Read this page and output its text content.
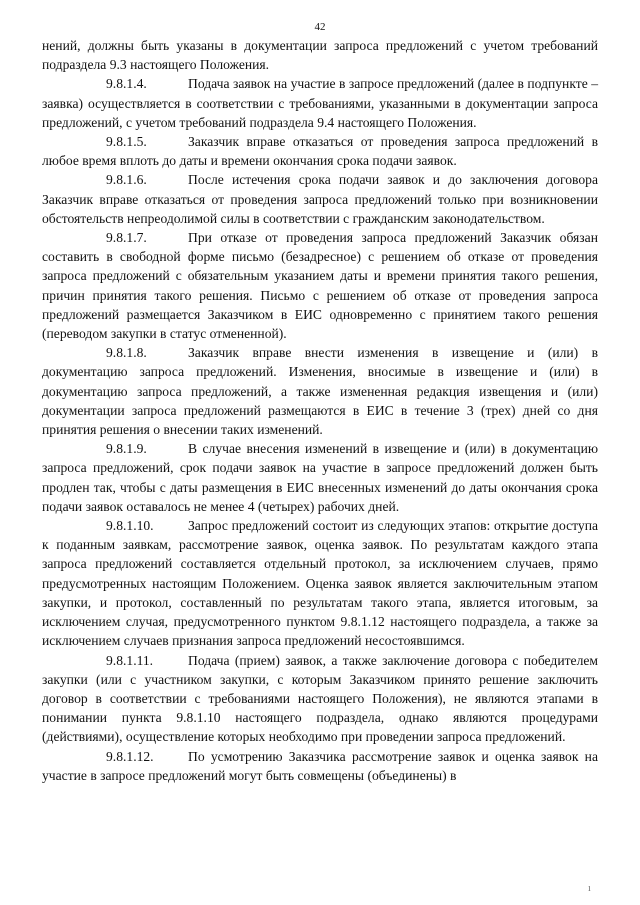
42

нений, должны быть указаны в документации запроса предложений с учетом требований подраздела 9.3 настоящего Положения.

9.8.1.4.	Подача заявок на участие в запросе предложений (далее в подпункте – заявка) осуществляется в соответствии с требованиями, указанными в документации запроса предложений, с учетом требований подраздела 9.4 настоящего Положения.

9.8.1.5.	Заказчик вправе отказаться от проведения запроса предложений в любое время вплоть до даты и времени окончания срока подачи заявок.

9.8.1.6.	После истечения срока подачи заявок и до заключения договора Заказчик вправе отказаться от проведения запроса предложений только при возникновении обстоятельств непреодолимой силы в соответствии с гражданским законодательством.

9.8.1.7.	При отказе от проведения запроса предложений Заказчик обязан составить в свободной форме письмо (безадресное) с решением об отказе от проведения запроса предложений с обязательным указанием даты и времени принятия такого решения, причин принятия такого решения. Письмо с решением об отказе от проведения запроса предложений размещается Заказчиком в ЕИС одновременно с принятием такого решения (переводом закупки в статус отмененной).

9.8.1.8.	Заказчик вправе внести изменения в извещение и (или) в документацию запроса предложений. Изменения, вносимые в извещение и (или) в документацию запроса предложений, а также измененная редакция извещения и (или) документации запроса предложений размещаются в ЕИС в течение 3 (трех) дней со дня принятия решения о внесении таких изменений.

9.8.1.9.	В случае внесения изменений в извещение и (или) в документацию запроса предложений, срок подачи заявок на участие в запросе предложений должен быть продлен так, чтобы с даты размещения в ЕИС внесенных изменений до даты окончания срока подачи заявок оставалось не менее 4 (четырех) рабочих дней.

9.8.1.10.	Запрос предложений состоит из следующих этапов: открытие доступа к поданным заявкам, рассмотрение заявок, оценка заявок. По результатам каждого этапа запроса предложений составляется отдельный протокол, за исключением случаев, прямо предусмотренных настоящим Положением. Оценка заявок является заключительным этапом закупки, и протокол, составленный по результатам такого этапа, является итоговым, за исключением случая, предусмотренного пунктом 9.8.1.12 настоящего подраздела, а также за исключением случаев признания запроса предложений несостоявшимся.

9.8.1.11.	Подача (прием) заявок, а также заключение договора с победителем закупки (или с участником закупки, с которым Заказчиком принято решение заключить договор в соответствии с требованиями настоящего Положения), не являются этапами в понимании пункта 9.8.1.10 настоящего подраздела, однако являются процедурами (действиями), осуществление которых необходимо при проведении запроса предложений.

9.8.1.12.	По усмотрению Заказчика рассмотрение заявок и оценка заявок на участие в запросе предложений могут быть совмещены (объединены) в

ı
